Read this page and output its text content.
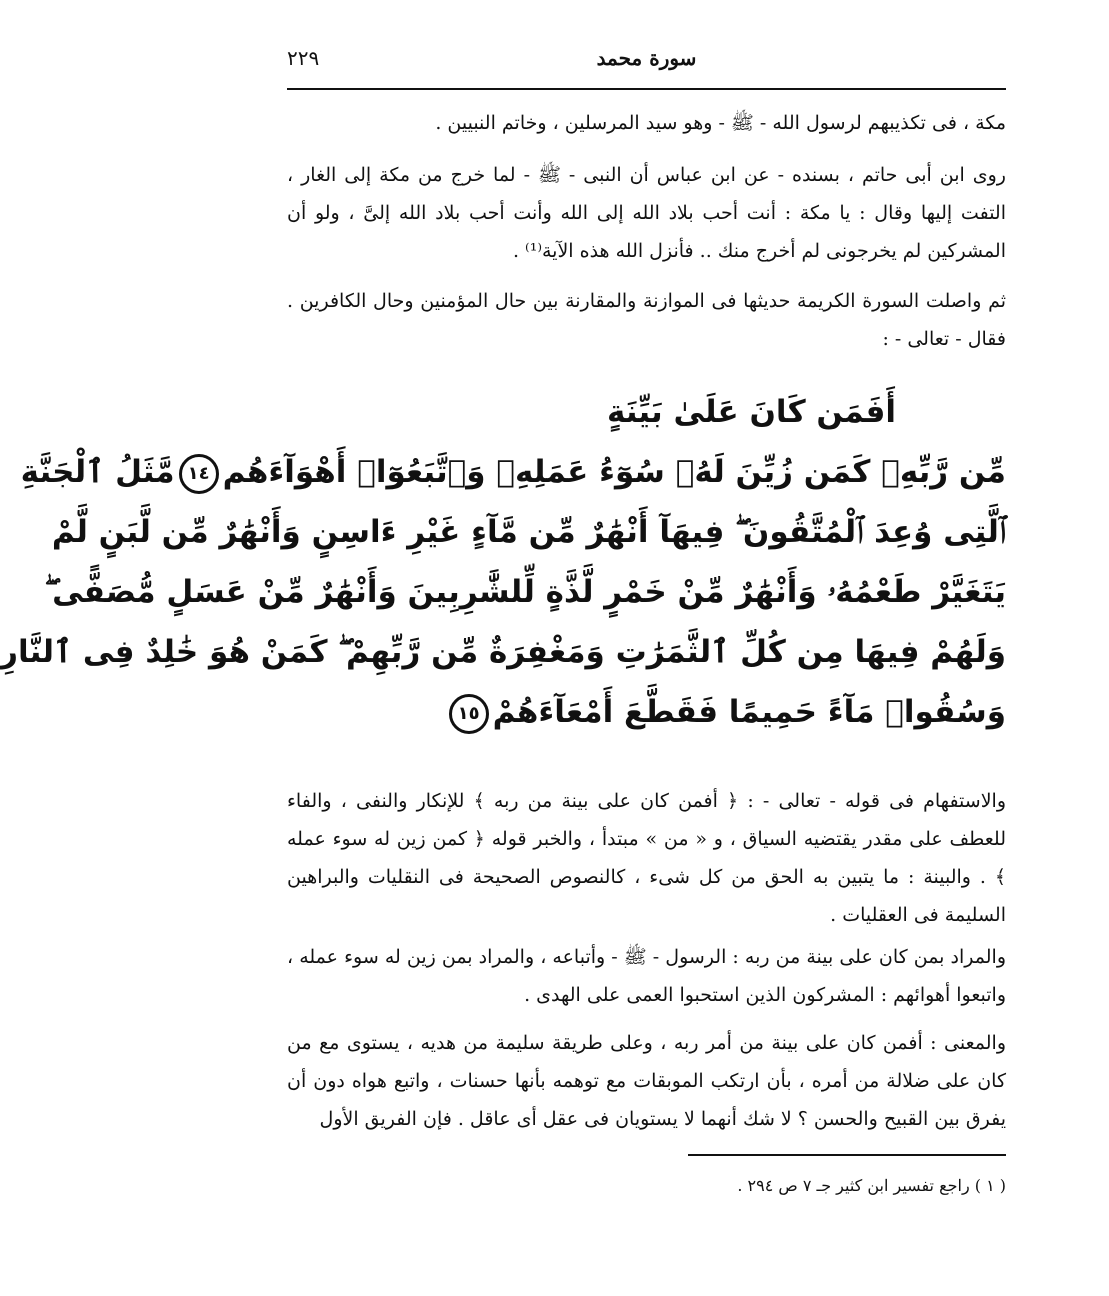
٢٢٩	سورة محمد
مكة ، فى تكذيبهم لرسول الله - ﷺ - وهو سيد المرسلين ، وخاتم النبيين .
روى ابن أبى حاتم ، بسنده - عن ابن عباس أن النبى - ﷺ - لما خرج من مكة إلى الغار ، التفت إليها وقال : يا مكة : أنت أحب بلاد الله إلى الله وأنت أحب بلاد الله إلىَّ ، ولو أن المشركين لم يخرجونى لم أخرج منك .. فأنزل الله هذه الآية⁽¹⁾ .
ثم واصلت السورة الكريمة حديثها فى الموازنة والمقارنة بين حال المؤمنين وحال الكافرين . فقال - تعالى - :
أَفَمَن كَانَ عَلَىٰ بَيِّنَةٍ
مِّن رَّبِّهِۦ كَمَن زُيِّنَ لَهُۥ سُوٓءُ عَمَلِهِۦ وَٱتَّبَعُوٓا۟ أَهْوَآءَهُم١٤مَّثَلُ ٱلْجَنَّةِ
ٱلَّتِى وُعِدَ ٱلْمُتَّقُونَ ۖ فِيهَآ أَنْهَٰرٌ مِّن مَّآءٍ غَيْرِ ءَاسِنٍ وَأَنْهَٰرٌ مِّن لَّبَنٍ لَّمْ
يَتَغَيَّرْ طَعْمُهُۥ وَأَنْهَٰرٌ مِّنْ خَمْرٍ لَّذَّةٍ لِّلشَّٰرِبِينَ وَأَنْهَٰرٌ مِّنْ عَسَلٍ مُّصَفًّى ۖ
وَلَهُمْ فِيهَا مِن كُلِّ ٱلثَّمَرَٰتِ وَمَغْفِرَةٌ مِّن رَّبِّهِمْ ۖ كَمَنْ هُوَ خَٰلِدٌ فِى ٱلنَّارِ
وَسُقُوا۟ مَآءً حَمِيمًا فَقَطَّعَ أَمْعَآءَهُمْ١٥
والاستفهام فى قوله - تعالى - : ﴿ أفمن كان على بينة من ربه ﴾ للإنكار والنفى ، والفاء للعطف على مقدر يقتضيه السياق ، و « من » مبتدأ ، والخبر قوله ﴿ كمن زين له سوء عمله ﴾ . والبينة : ما يتبين به الحق من كل شىء ، كالنصوص الصحيحة فى النقليات والبراهين السليمة فى العقليات .
والمراد بمن كان على بينة من ربه : الرسول - ﷺ - وأتباعه ، والمراد بمن زين له سوء عمله ، واتبعوا أهوائهم : المشركون الذين استحبوا العمى على الهدى .
والمعنى : أفمن كان على بينة من أمر ربه ، وعلى طريقة سليمة من هديه ، يستوى مع من كان على ضلالة من أمره ، بأن ارتكب الموبقات مع توهمه بأنها حسنات ، واتبع هواه دون أن يفرق بين القبيح والحسن ؟ لا شك أنهما لا يستويان فى عقل أى عاقل . فإن الفريق الأول
( ١ ) راجع تفسير ابن كثير جـ ٧ ص ٢٩٤ .
